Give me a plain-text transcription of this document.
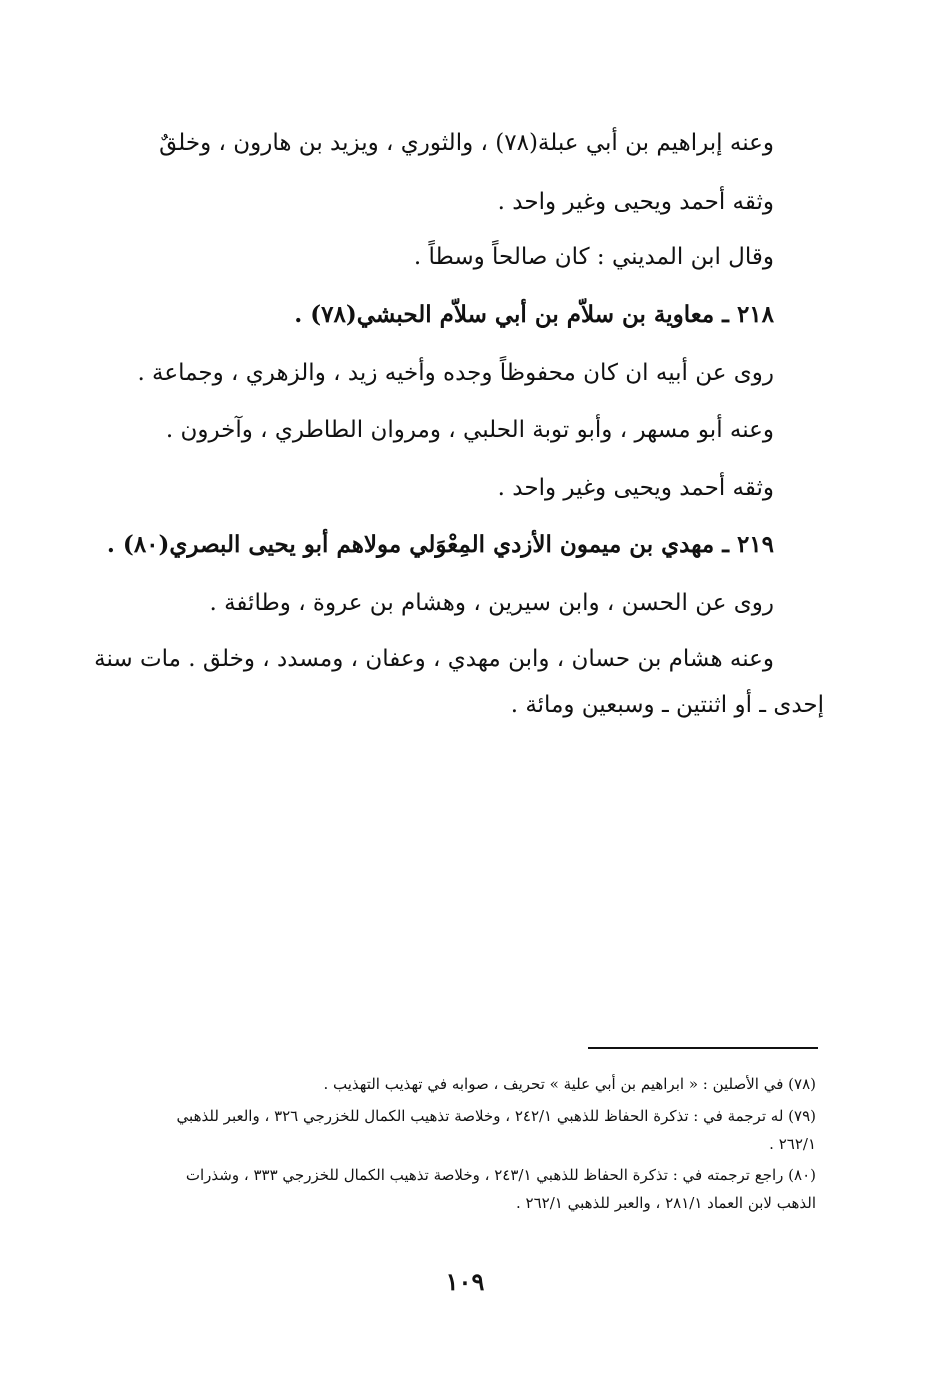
وعنه إبراهيم بن أبي عبلة(٧٨) ، والثوري ، ويزيد بن هارون ، وخلقٌ
وثقه أحمد ويحيى وغير واحد .
وقال ابن المديني : كان صالحاً وسطاً .
٢١٨ ـ معاوية بن سلاّم بن أبي سلاّم الحبشي(٧٨) .
روى عن أبيه ان كان محفوظاً وجده وأخيه زيد ، والزهري ، وجماعة .
وعنه أبو مسهر ، وأبو توبة الحلبي ، ومروان الطاطري ، وآخرون .
وثقه أحمد ويحيى وغير واحد .
٢١٩ ـ مهدي بن ميمون الأزدي المِعْوَلي مولاهم أبو يحيى البصري(٨٠) .
روى عن الحسن ، وابن سيرين ، وهشام بن عروة ، وطائفة .
وعنه هشام بن حسان ، وابن مهدي ، وعفان ، ومسدد ، وخلق . مات سنة
إحدى ـ أو اثنتين ـ وسبعين ومائة .
(٧٨) في الأصلين : « ابراهيم بن أبي علية » تحريف ، صوابه في تهذيب التهذيب .
(٧٩) له ترجمة في : تذكرة الحفاظ للذهبي ٢٤٢/١ ، وخلاصة تذهيب الكمال للخزرجي ٣٢٦ ، والعبر للذهبي
٢٦٢/١ .
(٨٠) راجع ترجمته في : تذكرة الحفاظ للذهبي ٢٤٣/١ ، وخلاصة تذهيب الكمال للخزرجي ٣٣٣ ، وشذرات
الذهب لابن العماد ٢٨١/١ ، والعبر للذهبي ٢٦٢/١ .
١٠٩
